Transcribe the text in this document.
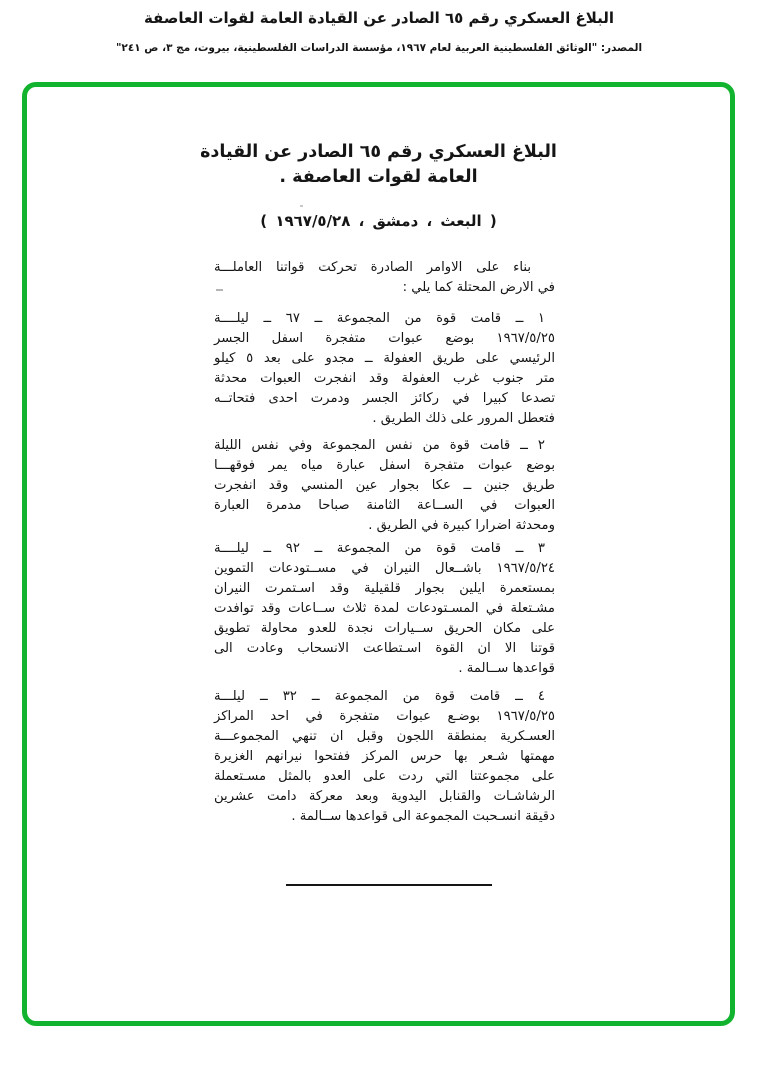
البلاغ العسكري رقم ٦٥ الصادر عن القيادة العامة لقوات العاصفة
المصدر: "الوثائق الفلسطينية العربية لعام ١٩٦٧، مؤسسة الدراسات الفلسطينية، بيروت، مج ٣، ص ٢٤١"
البلاغ العسكري رقم ٦٥ الصادر عن القيادة
العامة لقوات العاصفة .
( البعث ، دمشق ، ١٩٦٧/٥/٢٨ )
بناء على الاوامر الصادرة تحركت قواتنا العاملـــة
في الارض المحتلة كما يلي :
١ ــ قامت قوة من المجموعة ــ ٦٧ ــ ليلــــة
١٩٦٧/٥/٢٥ بوضع عبوات متفجرة اسفل الجسر
الرئيسي على طريق العفولة ــ مجدو على بعد ٥ كيلو
متر جنوب غرب العفولة وقد انفجرت العبوات محدثة
تصدعا كبيرا في ركائز الجسر ودمرت احدى فتحاتــه
فتعطل المرور على ذلك الطريق .
٢ ــ قامت قوة من نفس المجموعة وفي نفس الليلة
بوضع عبوات متفجرة اسفل عبارة مياه يمر فوقهـــا
طريق جنين ــ عكا بجوار عين المنسي وقد انفجرت
العبوات في الســاعة الثامنة صباحا مدمرة العبارة
ومحدثة اضرارا كبيرة في الطريق .
٣ ــ قامت قوة من المجموعة ــ ٩٢ ــ ليلــــة
١٩٦٧/٥/٢٤ باشــعال النيران في مســتودعات التموين
بمستعمرة ايلين بجوار قلقيلية وقد اسـتمرت النيران
مشـتعلة في المسـتودعات لمدة ثلاث ســاعات وقد توافدت
على مكان الحريق ســيارات نجدة للعدو محاولة تطويق
قوتنا الا ان القوة اسـتطاعت الانسحاب وعادت الى
قواعدها ســالمة .
٤ ــ قامت قوة من المجموعة ــ ٣٢ ــ ليلـــة
١٩٦٧/٥/٢٥ بوضـع عبوات متفجرة في احد المراكز
العسـكرية بمنطقة اللجون وقبل ان تنهي المجموعـــة
مهمتها شـعر بها حرس المركز ففتحوا نيرانهم الغزيرة
على مجموعتنا التي ردت على العدو بالمثل مسـتعملة
الرشاشـات والقنابل اليدوية وبعد معركة دامت عشرين
دقيقة انسـحبت المجموعة الى قواعدها ســالمة .
